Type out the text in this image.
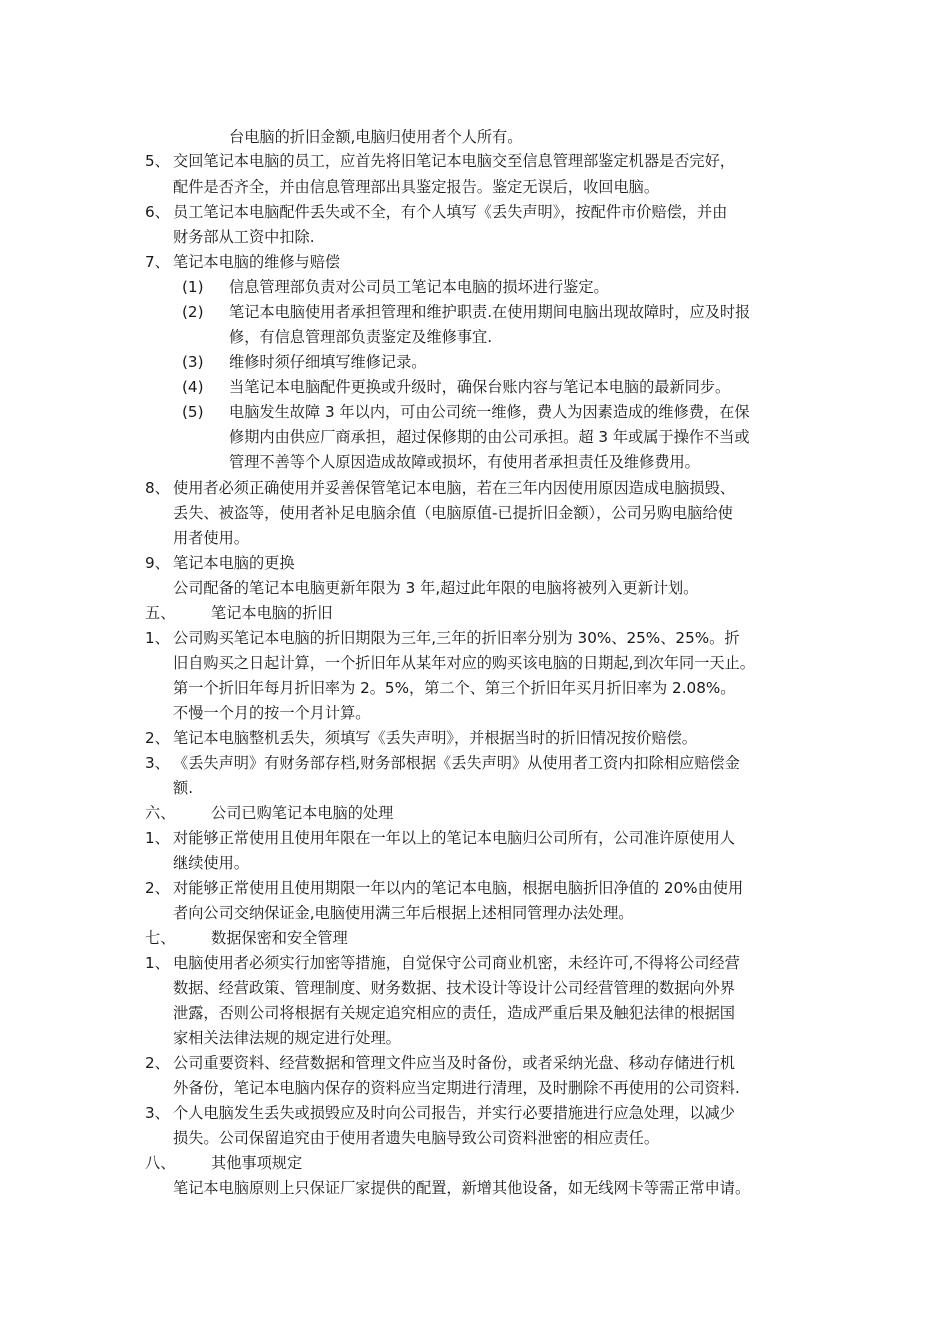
台电脑的折旧金额,电脑归使用者个人所有。
5、 交回笔记本电脑的员工，应首先将旧笔记本电脑交至信息管理部鉴定机器是否完好，
配件是否齐全，并由信息管理部出具鉴定报告。鉴定无误后，收回电脑。
6、 员工笔记本电脑配件丢失或不全，有个人填写《丢失声明》，按配件市价赔偿，并由
财务部从工资中扣除.
7、 笔记本电脑的维修与赔偿
(1) 信息管理部负责对公司员工笔记本电脑的损坏进行鉴定。
(2) 笔记本电脑使用者承担管理和维护职责.在使用期间电脑出现故障时，应及时报
修，有信息管理部负责鉴定及维修事宜.
(3) 维修时须仔细填写维修记录。
(4) 当笔记本电脑配件更换或升级时，确保台账内容与笔记本电脑的最新同步。
(5) 电脑发生故障 3 年以内，可由公司统一维修，费人为因素造成的维修费，在保
修期内由供应厂商承担，超过保修期的由公司承担。超 3 年或属于操作不当或
管理不善等个人原因造成故障或损坏，有使用者承担责任及维修费用。
8、 使用者必须正确使用并妥善保管笔记本电脑，若在三年内因使用原因造成电脑损毁、
丢失、被盗等，使用者补足电脑余值（电脑原值-已提折旧金额），公司另购电脑给使
用者使用。
9、 笔记本电脑的更换
公司配备的笔记本电脑更新年限为 3 年,超过此年限的电脑将被列入更新计划。
五、 笔记本电脑的折旧
1、 公司购买笔记本电脑的折旧期限为三年,三年的折旧率分别为 30%、25%、25%。折
旧自购买之日起计算，一个折旧年从某年对应的购买该电脑的日期起,到次年同一天止。
第一个折旧年每月折旧率为 2。5%，第二个、第三个折旧年买月折旧率为 2.08%。
不慢一个月的按一个月计算。
2、 笔记本电脑整机丢失，须填写《丢失声明》，并根据当时的折旧情况按价赔偿。
3、 《丢失声明》有财务部存档,财务部根据《丢失声明》从使用者工资内扣除相应赔偿金
额.
六、 公司已购笔记本电脑的处理
1、 对能够正常使用且使用年限在一年以上的笔记本电脑归公司所有，公司准许原使用人
继续使用。
2、 对能够正常使用且使用期限一年以内的笔记本电脑，根据电脑折旧净值的 20%由使用
者向公司交纳保证金,电脑使用满三年后根据上述相同管理办法处理。
七、 数据保密和安全管理
1、 电脑使用者必须实行加密等措施，自觉保守公司商业机密，未经许可,不得将公司经营
数据、经营政策、管理制度、财务数据、技术设计等设计公司经营管理的数据向外界
泄露，否则公司将根据有关规定追究相应的责任，造成严重后果及触犯法律的根据国
家相关法律法规的规定进行处理。
2、 公司重要资料、经营数据和管理文件应当及时备份，或者采纳光盘、移动存储进行机
外备份，笔记本电脑内保存的资料应当定期进行清理，及时删除不再使用的公司资料.
3、 个人电脑发生丢失或损毁应及时向公司报告，并实行必要措施进行应急处理，以减少
损失。公司保留追究由于使用者遗失电脑导致公司资料泄密的相应责任。
八、 其他事项规定
笔记本电脑原则上只保证厂家提供的配置，新增其他设备，如无线网卡等需正常申请。
